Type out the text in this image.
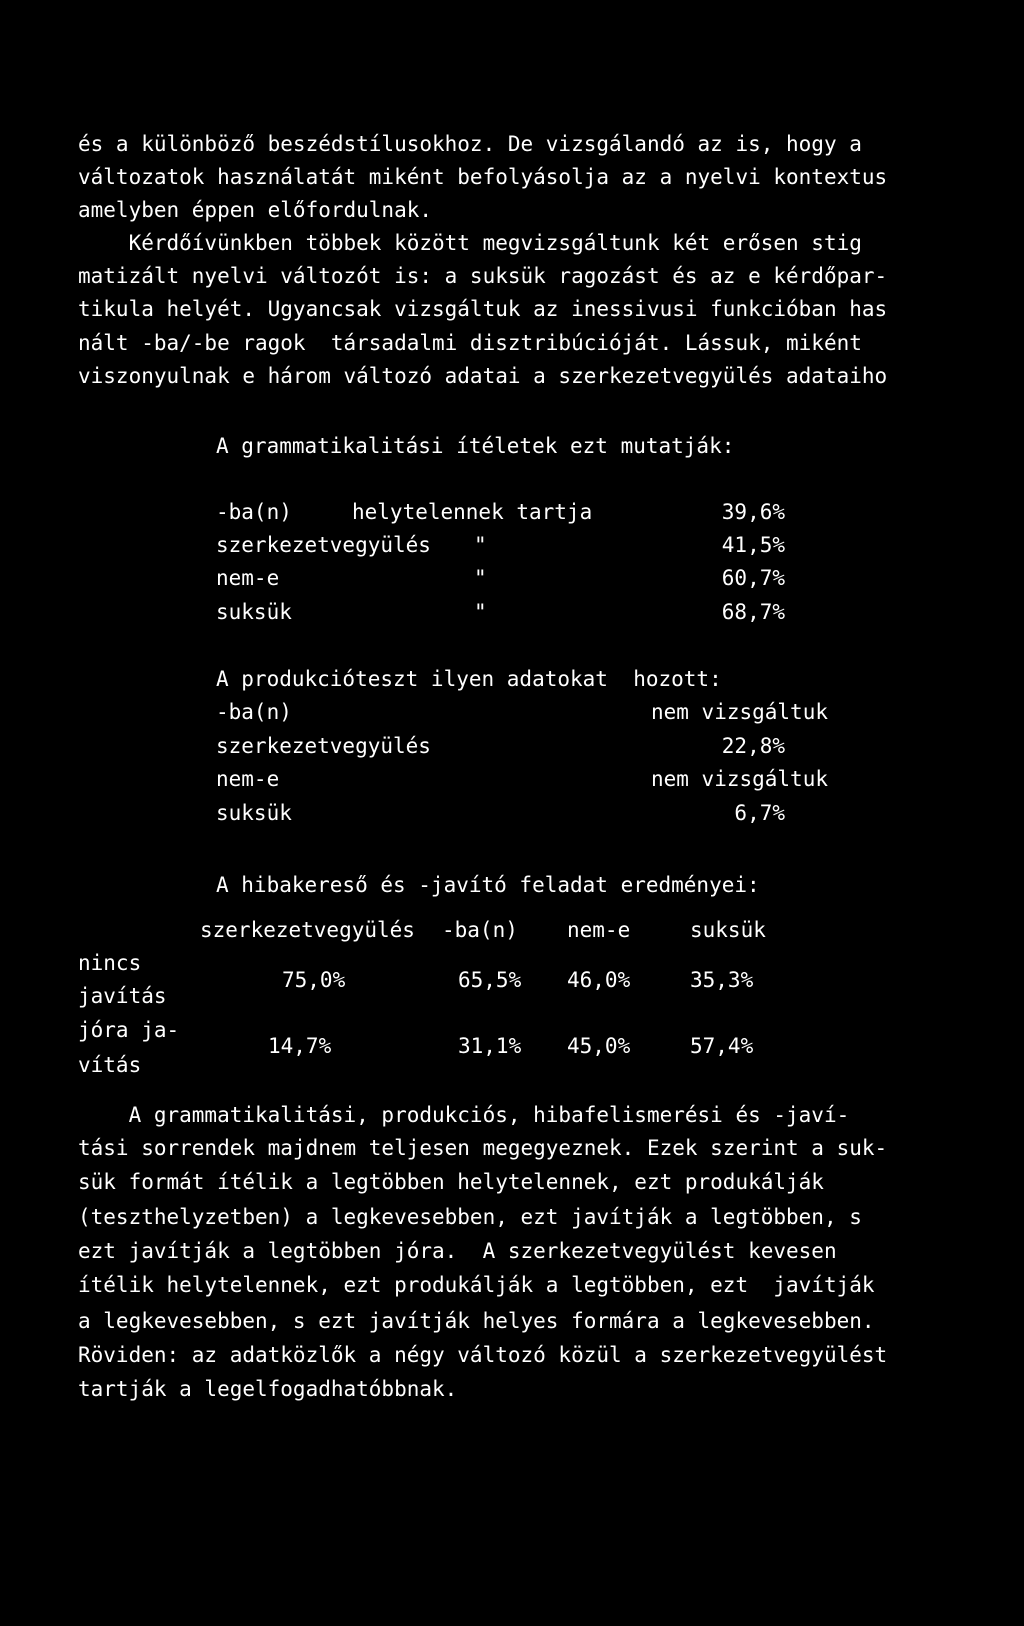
és a különböző beszédstílusokhoz. De vizsgálandó az is, hogy a
változatok használatát miként befolyásolja az a nyelvi kontextus
amelyben éppen előfordulnak.
Kérdőívünkben többek között megvizsgáltunk két erősen stig
matizált nyelvi változót is: a suksük ragozást és az e kérdőpar-
tikula helyét. Ugyancsak vizsgáltuk az inessivusi funkcióban has
nált -ba/-be ragok  társadalmi disztribúcióját. Lássuk, miként
viszonyulnak e három változó adatai a szerkezetvegyülés adataiho
A grammatikalitási ítéletek ezt mutatják:
-ba(n)	helytelennek tartja	39,6%
szerkezetvegyülés "	41,5%
nem-e	"	60,7%
suksük	"	68,7%
A produkcióteszt ilyen adatokat  hozott:
-ba(n)	nem vizsgáltuk
szerkezetvegyülés	22,8%
nem-e	nem vizsgáltuk
suksük	6,7%
A hibakereső és -javító feladat eredményei:
szerkezetvegyülés -ba(n) nem-e	suksük
nincs
javítás
75,0%	65,5% 46,0%	35,3%
jóra ja-
vítás
14,7%	31,1% 45,0%	57,4%
A grammatikalitási, produkciós, hibafelismerési és -javí-
tási sorrendek majdnem teljesen megegyeznek. Ezek szerint a suk-
sük formát ítélik a legtöbben helytelennek, ezt produkálják
(teszthelyzetben) a legkevesebben, ezt javítják a legtöbben, s
ezt javítják a legtöbben jóra.  A szerkezetvegyülést kevesen
ítélik helytelennek, ezt produkálják a legtöbben, ezt  javítják
a legkevesebben, s ezt javítják helyes formára a legkevesebben.
Röviden: az adatközlők a négy változó közül a szerkezetvegyülést
tartják a legelfogadhatóbbnak.
